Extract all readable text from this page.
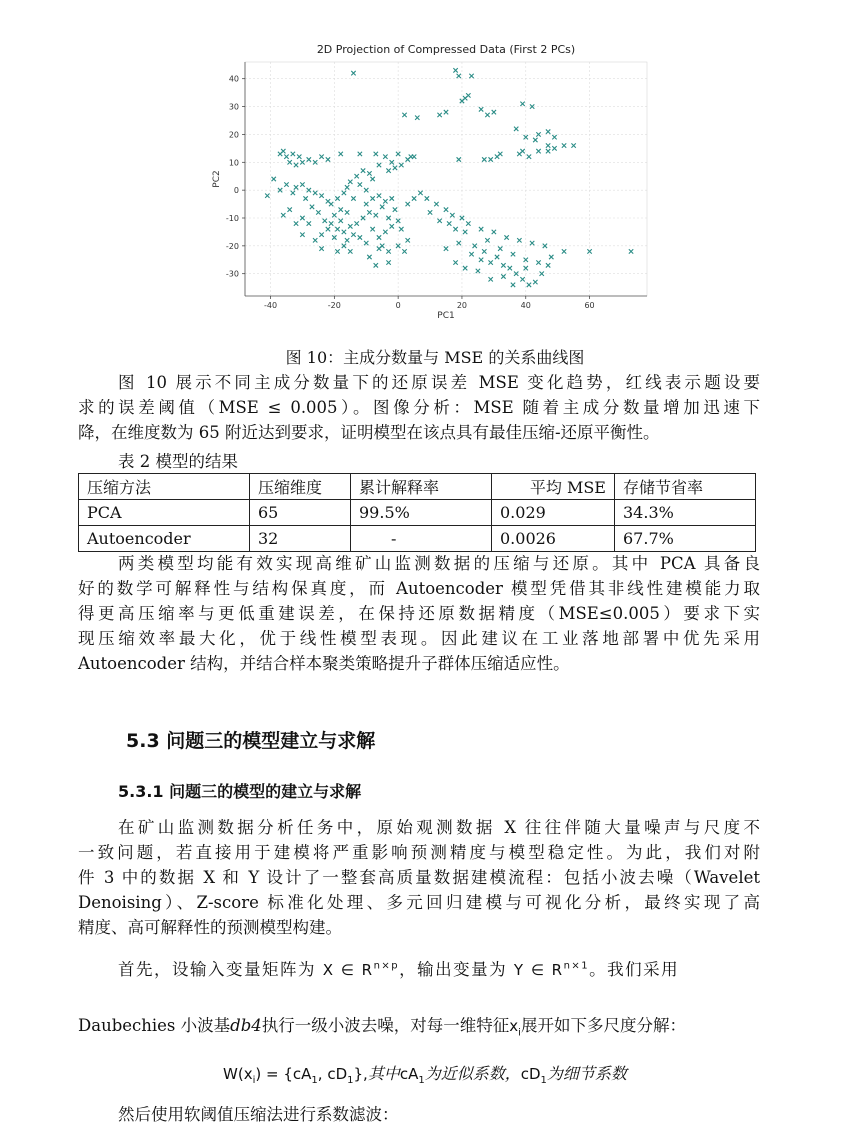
2D Projection of Compressed Data (First 2 PCs)
-40	-20	0	20	40	60
-30
-20
-10
0
10
20
30
40
PC1
PC2
图 10：主成分数量与 MSE 的关系曲线图
图 10 展示不同主成分数量下的还原误差 MSE 变化趋势，红线表示题设要
求的误差阈值（MSE ≤ 0.005）。图像分析：MSE 随着主成分数量增加迅速下
降，在维度数为 65 附近达到要求，证明模型在该点具有最佳压缩-还原平衡性。
表 2 模型的结果
压缩方法	压缩维度	累计解释率	平均 MSE	存储节省率
PCA	65	99.5%	0.029	34.3%
Autoencoder	32	-	0.0026	67.7%
两类模型均能有效实现高维矿山监测数据的压缩与还原。其中 PCA 具备良
好的数学可解释性与结构保真度，而 Autoencoder 模型凭借其非线性建模能力取
得更高压缩率与更低重建误差，在保持还原数据精度（MSE≤0.005）要求下实
现压缩效率最大化，优于线性模型表现。因此建议在工业落地部署中优先采用
Autoencoder 结构，并结合样本聚类策略提升子群体压缩适应性。
5.3 问题三的模型建立与求解
5.3.1 问题三的模型的建立与求解
在矿山监测数据分析任务中，原始观测数据 X 往往伴随大量噪声与尺度不
一致问题，若直接用于建模将严重影响预测精度与模型稳定性。为此，我们对附
件 3 中的数据 X 和 Y 设计了一整套高质量数据建模流程：包括小波去噪（Wavelet
Denoising）、Z-score 标准化处理、多元回归建模与可视化分析，最终实现了高
精度、高可解释性的预测模型构建。
首先，设输入变量矩阵为 X ∈ $R^{n\times p}$，输出变量为 Y ∈ $R^{n\times 1}$。我们采用
Daubechies 小波基db4执行一级小波去噪，对每一维特征$x_i$展开如下多尺度分解：
$W(x_i) = \{cA_1$, $cD_1$},其中$cA_1$为近似系数，$cD_1$为细节系数
然后使用软阈值压缩法进行系数滤波：
